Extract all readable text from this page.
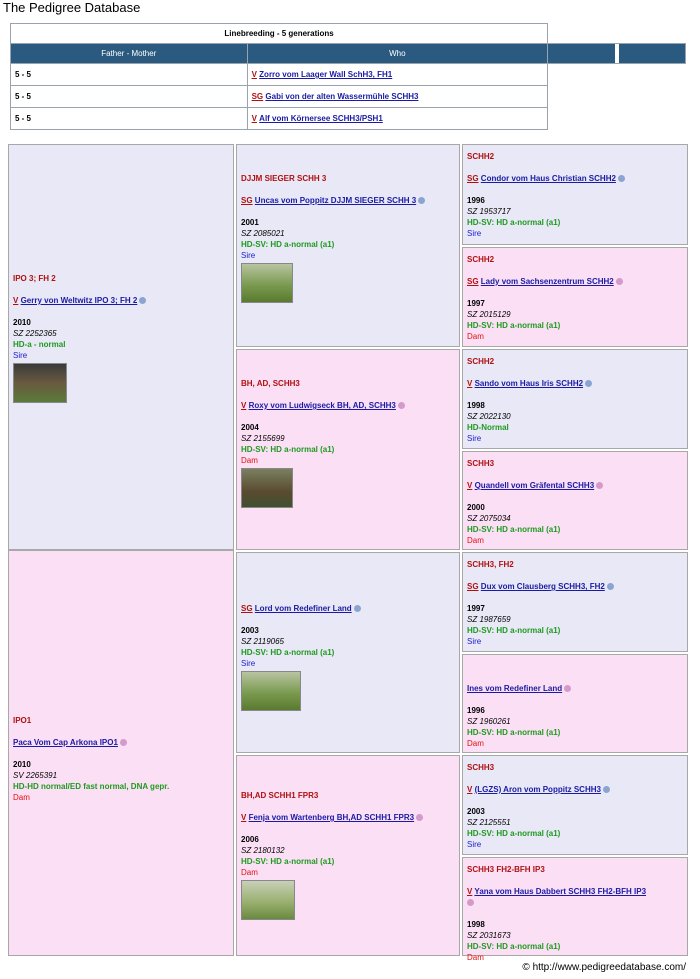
The Pedigree Database
Linebreeding - 5 generations		
Father - Mother	Who	

5 - 5	V Zorro vom Laager Wall SchH3, FH1	
5 - 5	SG Gabi von der alten Wassermühle SCHH3	
5 - 5	V Alf vom Körnersee SCHH3/PSH1	
IPO 3; FH 2
V Gerry von Weltwitz IPO 3; FH 2
2010
SZ 2252365
HD-a - normal
Sire
IPO1
Paca Vom Cap Arkona IPO1
2010
SV 2265391
HD-HD normal/ED fast normal, DNA gepr.
Dam
DJJM SIEGER SCHH 3
SG Uncas vom Poppitz DJJM SIEGER SCHH 3
2001
SZ 2085021
HD-SV: HD a-normal (a1)
Sire
BH, AD, SCHH3
V Roxy vom Ludwigseck BH, AD, SCHH3
2004
SZ 2155699
HD-SV: HD a-normal (a1)
Dam
SG Lord vom Redefiner Land
2003
SZ 2119065
HD-SV: HD a-normal (a1)
Sire
BH,AD SCHH1 FPR3
V Fenja vom Wartenberg BH,AD SCHH1 FPR3
2006
SZ 2180132
HD-SV: HD a-normal (a1)
Dam
SCHH2
SG Condor vom Haus Christian SCHH2
1996
SZ 1953717
HD-SV: HD a-normal (a1)
Sire
SCHH2
SG Lady vom Sachsenzentrum SCHH2
1997
SZ 2015129
HD-SV: HD a-normal (a1)
Dam
SCHH2
V Sando vom Haus Iris SCHH2
1998
SZ 2022130
HD-Normal
Sire
SCHH3
V Quandell vom Gräfental SCHH3
2000
SZ 2075034
HD-SV: HD a-normal (a1)
Dam
SCHH3, FH2
SG Dux vom Clausberg SCHH3, FH2
1997
SZ 1987659
HD-SV: HD a-normal (a1)
Sire
Ines vom Redefiner Land
1996
SZ 1960261
HD-SV: HD a-normal (a1)
Dam
SCHH3
V (LGZS) Aron vom Poppitz SCHH3
2003
SZ 2125551
HD-SV: HD a-normal (a1)
Sire
SCHH3 FH2-BFH IP3
V Yana vom Haus Dabbert SCHH3 FH2-BFH IP3
1998
SZ 2031673
HD-SV: HD a-normal (a1)
Dam
© http://www.pedigreedatabase.com/
